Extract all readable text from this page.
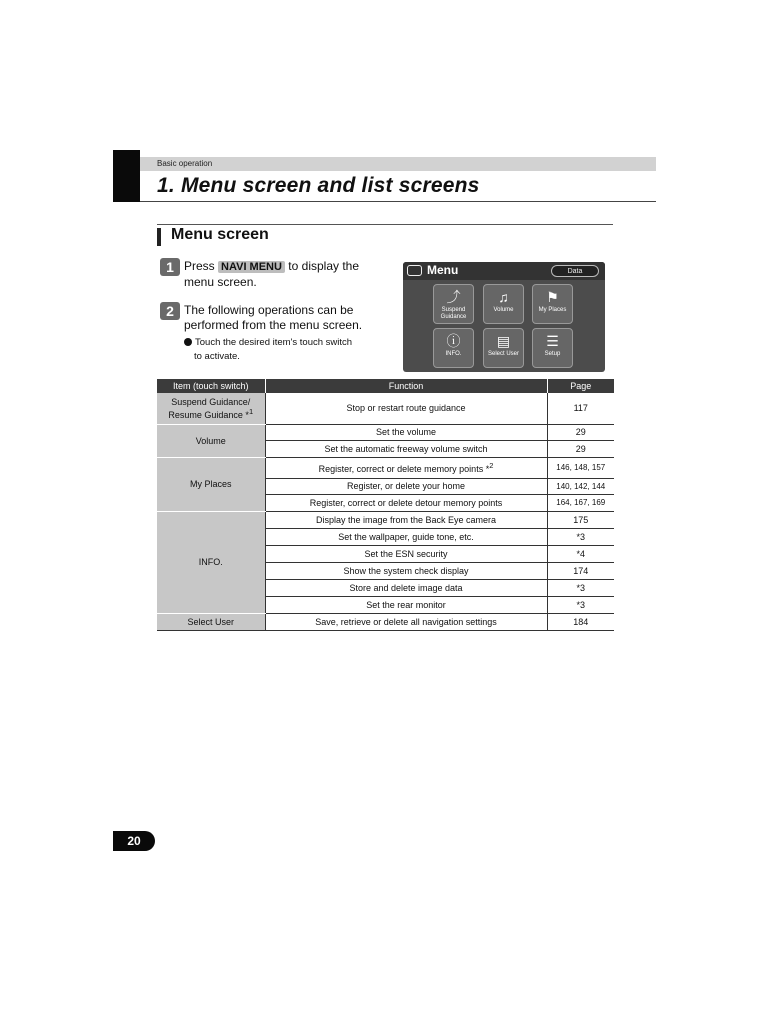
Basic operation
1. Menu screen and list screens
Menu screen
1 Press NAVI MENU to display the
menu screen.
2 The following operations can be
performed from the menu screen.
Touch the desired item's touch switch
to activate.
Menu	Data
⤴
Suspend
Guidance
♫
Volume
⚑
My Places
ⓘ
INFO.
▤
Select User
☰
Setup
Item (touch switch)	Function	Page
Suspend Guidance/
Resume Guidance *$^1$	Stop or restart route guidance	117
Volume	Set the volume	29
	Set the automatic freeway volume switch	29
My Places	Register, correct or delete memory points *$^2$	146, 148, 157
	Register, or delete your home	140, 142, 144
	Register, correct or delete detour memory points	164, 167, 169
INFO.	Display the image from the Back Eye camera	175
	Set the wallpaper, guide tone, etc.	*3
	Set the ESN security	*4
	Show the system check display	174
	Store and delete image data	*3
	Set the rear monitor	*3
Select User	Save, retrieve or delete all navigation settings	184
20
